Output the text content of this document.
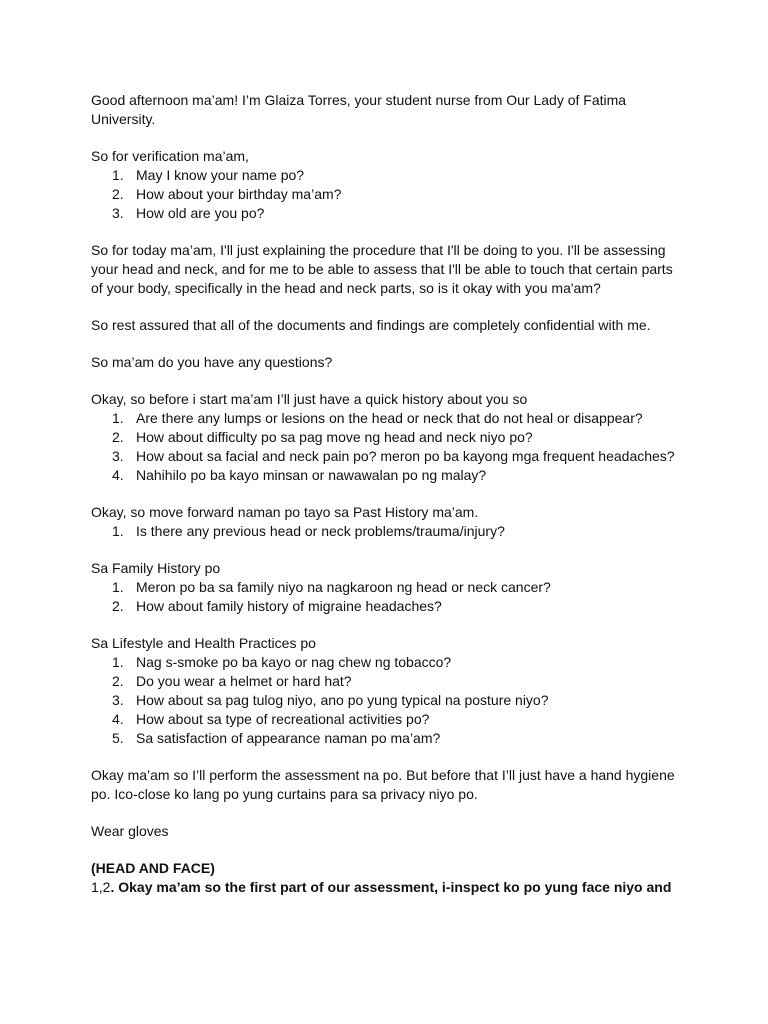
Good afternoon ma’am! I’m Glaiza Torres, your student nurse from Our Lady of Fatima University.

So for verification ma’am,

1. May I know your name po?
2. How about your birthday ma’am?
3. How old are you po?

So for today ma’am, I'll just explaining the procedure that I'll be doing to you. I'll be assessing your head and neck, and for me to be able to assess that I'll be able to touch that certain parts of your body, specifically in the head and neck parts, so is it okay with you ma'am?

So rest assured that all of the documents and findings are completely confidential with me.

So ma’am do you have any questions?

Okay, so before i start ma’am I’ll just have a quick history about you so

1. Are there any lumps or lesions on the head or neck that do not heal or disappear?
2. How about difficulty po sa pag move ng head and neck niyo po?
3. How about sa facial and neck pain po? meron po ba kayong mga frequent headaches?
4. Nahihilo po ba kayo minsan or nawawalan po ng malay?

Okay, so move forward naman po tayo sa Past History ma’am.

1. Is there any previous head or neck problems/trauma/injury?

Sa Family History po

1. Meron po ba sa family niyo na nagkaroon ng head or neck cancer?
2. How about family history of migraine headaches?

Sa Lifestyle and Health Practices po

1. Nag s-smoke po ba kayo or nag chew ng tobacco?
2. Do you wear a helmet or hard hat?
3. How about sa pag tulog niyo, ano po yung typical na posture niyo?
4. How about sa type of recreational activities po?
5. Sa satisfaction of appearance naman po ma’am?

Okay ma’am so I’ll perform the assessment na po. But before that I’ll just have a hand hygiene po. Ico-close ko lang po yung curtains para sa privacy niyo po.

Wear gloves

(HEAD AND FACE)

1,2. Okay ma’am so the first part of our assessment, i-inspect ko po yung face niyo and
